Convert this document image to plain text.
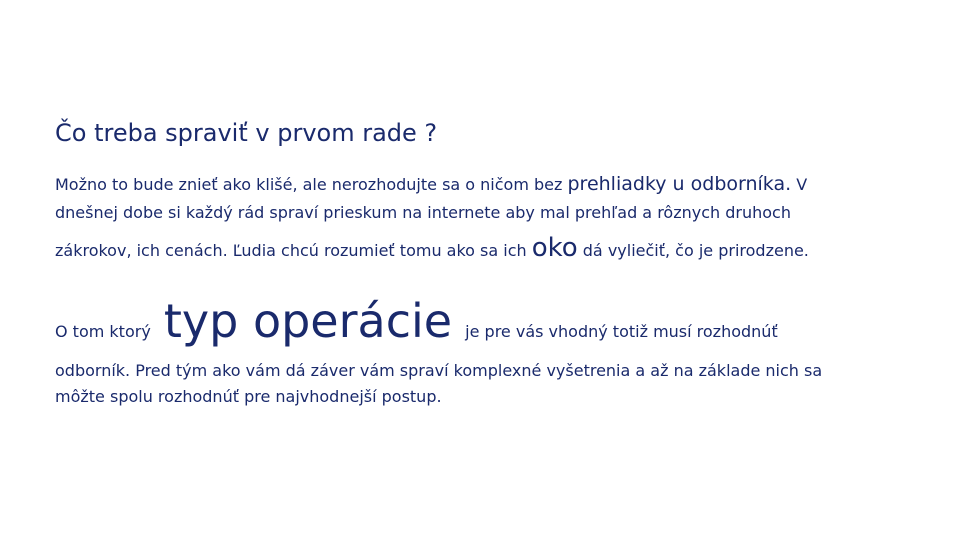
Čo treba spraviť v prvom rade ?
Možno to bude znieť ako klišé, ale nerozhodujte sa o ničom bez prehliadky u odborníka. V
dnešnej dobe si každý rád spraví prieskum na internete aby mal prehľad a rôznych druhoch
zákrokov, ich cenách. Ľudia chcú rozumieť tomu ako sa ich oko dá vyliečiť, čo je prirodzene.
O tom ktorý typ operácie je pre vás vhodný totiž musí rozhodnúť
odborník. Pred tým ako vám dá záver vám spraví komplexné vyšetrenia a až na základe nich sa
môžte spolu rozhodnúť pre najvhodnejší postup.
